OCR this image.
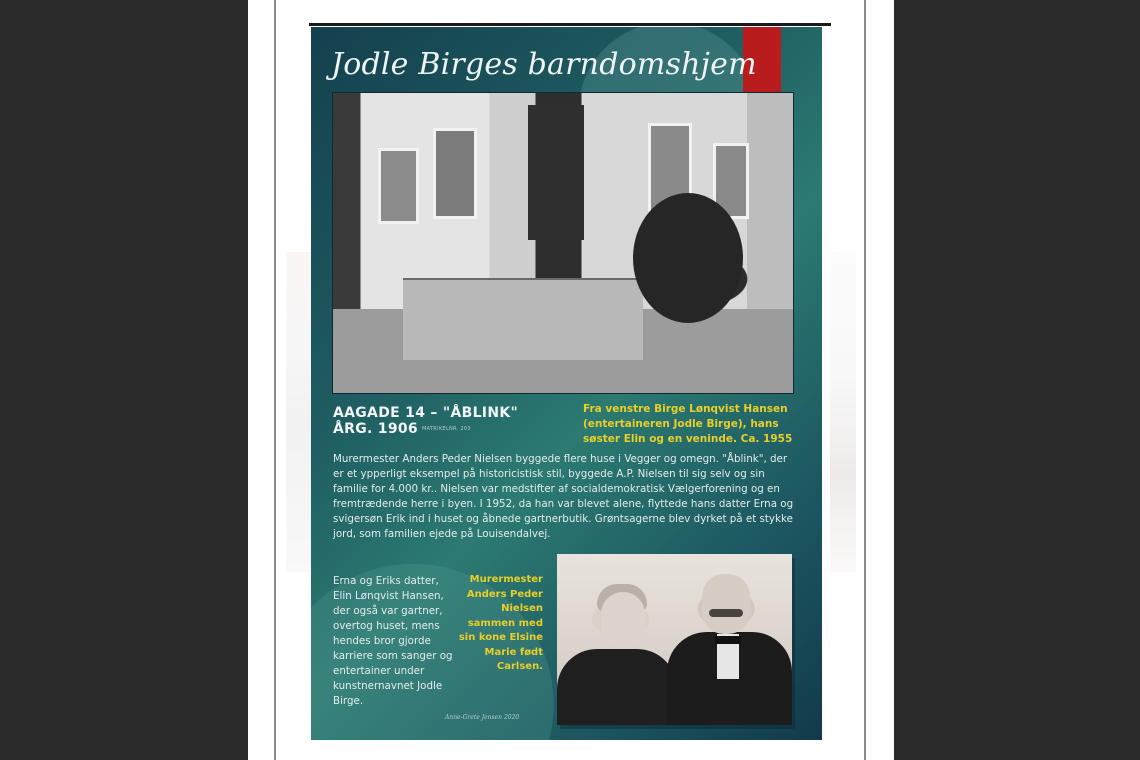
Jodle Birges barndomshjem
AAGADE 14 – "ÅBLINK"
ÅRG. 1906 MATRIKELNR. 203
Fra venstre Birge Lønqvist Hansen (entertaineren Jodle Birge), hans søster Elin og en veninde. Ca. 1955
Murermester Anders Peder Nielsen byggede flere huse i Vegger og omegn. "Åblink", der er et ypperligt eksempel på historicistisk stil, byggede A.P. Nielsen til sig selv og sin familie for 4.000 kr.. Nielsen var medstifter af socialdemokratisk Vælgerforening og en fremtrædende herre i byen. I 1952, da han var blevet alene, flyttede hans datter Erna og svigersøn Erik ind i huset og åbnede gartnerbutik. Grøntsagerne blev dyrket på et stykke jord, som familien ejede på Louisendalvej.
Erna og Eriks datter, Elin Lønqvist Hansen, der også var gartner, overtog huset, mens hendes bror gjorde karriere som sanger og entertainer under kunstnernavnet Jodle Birge.
Murermester Anders Peder Nielsen sammen med sin kone Elsine Marie født Carlsen.
Anne-Grete Jensen 2020
